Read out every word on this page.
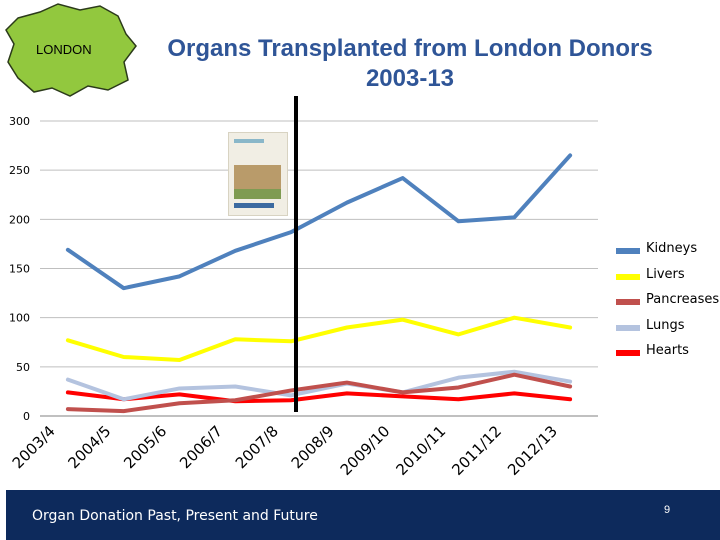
LONDON	Organs Transplanted from London Donors
2003-13
0
50
100
150
200
250
300
2003/4 2004/5 2005/6 2006/7 2007/8 2008/9
2009/10
2010/11
2011/12
2012/13
Kidneys
Livers
Pancreases
Lungs
Hearts
Organ Donation Past, Present and Future	9
